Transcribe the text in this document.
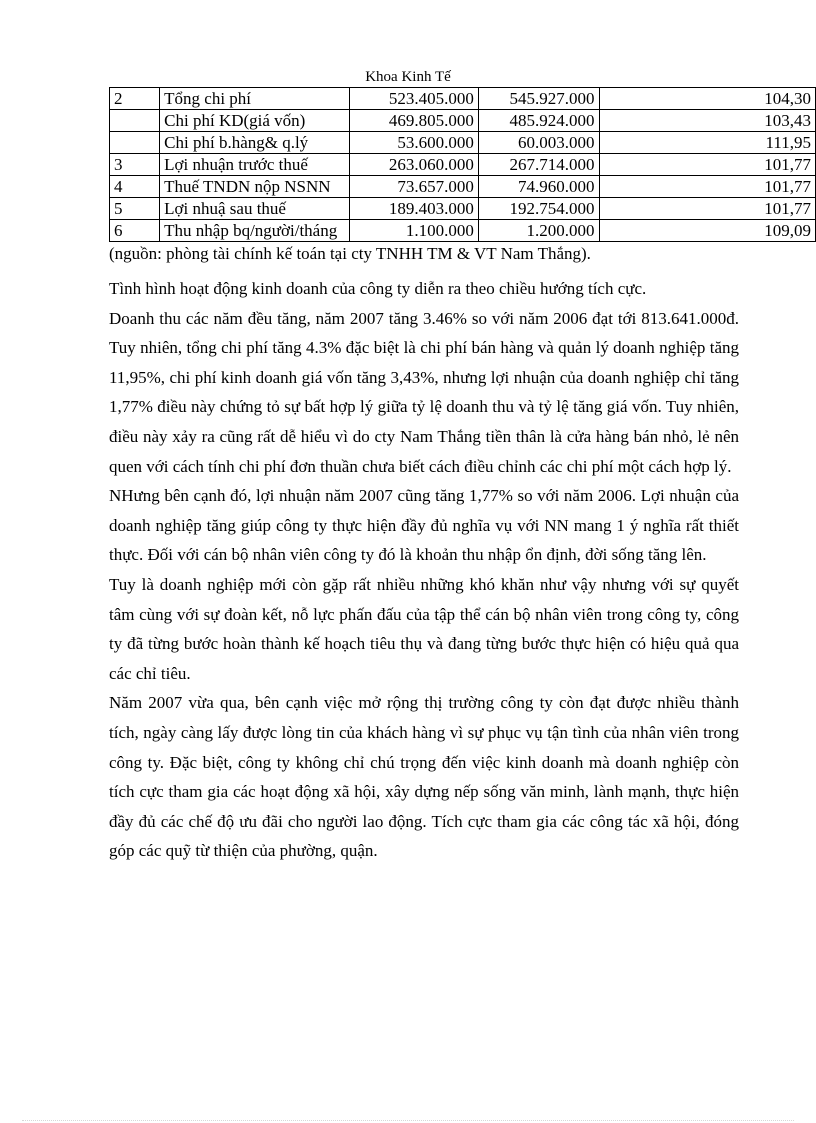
Khoa Kinh Tế
2	Tổng chi phí	523.405.000	545.927.000	104,30
	Chi phí KD(giá vốn)	469.805.000	485.924.000	103,43
	Chi phí b.hàng& q.lý	53.600.000	60.003.000	111,95
3	Lợi nhuận trước thuế	263.060.000	267.714.000	101,77
4	Thuế TNDN nộp NSNN	73.657.000	74.960.000	101,77
5	Lợi nhuậ sau thuế	189.403.000	192.754.000	101,77
6	Thu nhập bq/người/tháng	1.100.000	1.200.000	109,09
(nguồn: phòng tài chính kế toán tại cty TNHH TM & VT Nam Thắng).

Tình hình hoạt động kinh doanh của công ty diễn ra theo chiều hướng tích cực.

Doanh thu các năm đều tăng, năm 2007 tăng 3.46% so với năm 2006 đạt tới 813.641.000đ. Tuy nhiên, tổng chi phí tăng 4.3% đặc biệt là chi phí bán hàng và quản lý doanh nghiệp tăng 11,95%, chi phí kinh doanh giá vốn tăng 3,43%, nhưng lợi nhuận của doanh nghiệp chỉ tăng 1,77% điều này chứng tỏ sự bất hợp lý giữa tỷ lệ doanh thu và tỷ lệ tăng giá vốn. Tuy nhiên, điều này xảy ra cũng rất dễ hiểu vì do cty Nam Thắng tiền thân là cửa hàng bán nhỏ, lẻ nên quen với cách tính chi phí đơn thuần chưa biết cách điều chỉnh các chi phí một cách hợp lý.

NHưng bên cạnh đó, lợi nhuận năm 2007 cũng tăng 1,77% so với năm 2006. Lợi nhuận của doanh nghiệp tăng giúp công ty thực hiện đầy đủ nghĩa vụ với NN mang 1 ý nghĩa rất thiết thực. Đối với cán bộ nhân viên công ty đó là khoản thu nhập ổn định, đời sống tăng lên.

Tuy là doanh nghiệp mới còn gặp rất nhiều những khó khăn như vậy nhưng với sự quyết tâm cùng với sự đoàn kết, nỗ lực phấn đấu của tập thể cán bộ nhân viên trong công ty, công ty đã từng bước hoàn thành kế hoạch tiêu thụ và đang từng bước thực hiện có hiệu quả qua các chỉ tiêu.

Năm 2007 vừa qua, bên cạnh việc mở rộng thị trường công ty còn đạt được nhiều thành tích, ngày càng lấy được lòng tin của khách hàng vì sự phục vụ tận tình của nhân viên trong công ty. Đặc biệt, công ty không chỉ chú trọng đến việc kinh doanh mà doanh nghiệp còn tích cực tham gia các hoạt động xã hội, xây dựng nếp sống văn minh, lành mạnh, thực hiện đầy đủ các chế độ ưu đãi cho người lao động. Tích cực tham gia các công tác xã hội, đóng góp các quỹ từ thiện của phường, quận.
